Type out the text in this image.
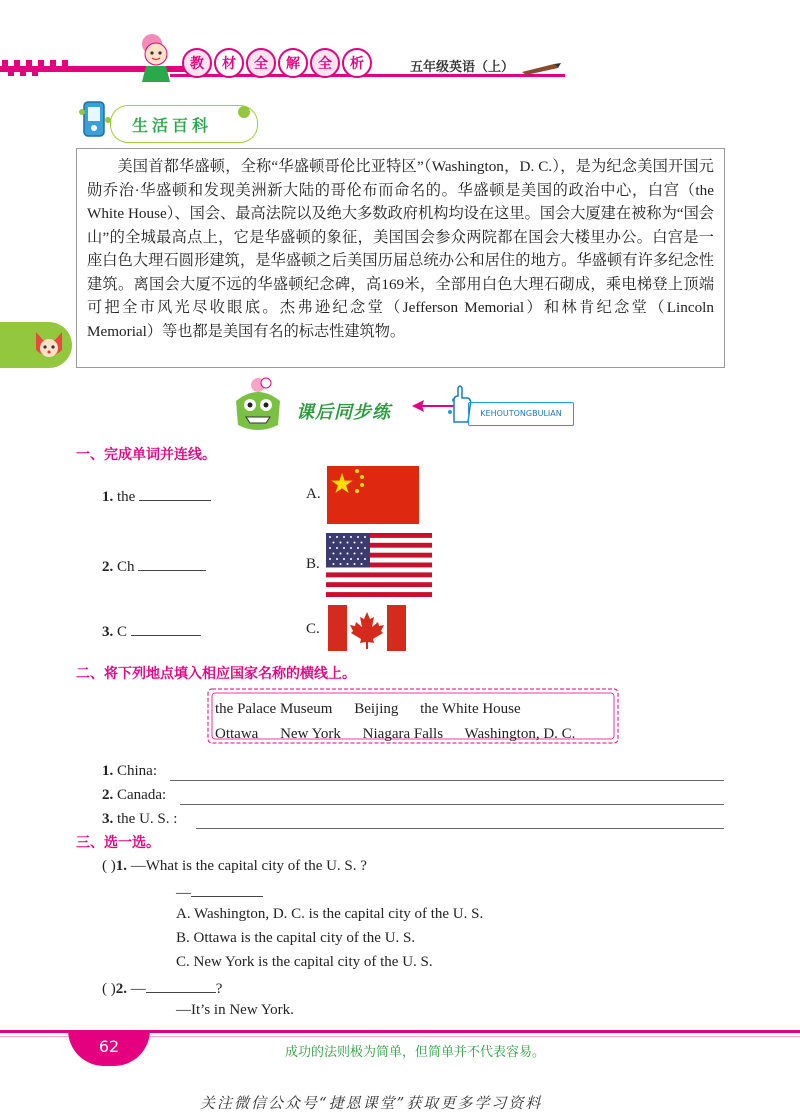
教	材	全	解	全	析	五年级英语（上）
生活百科
美国首都华盛顿，全称“华盛顿哥伦比亚特区”（Washington，D. C.），是为纪念美国开国元勋乔治·华盛顿和发现美洲新大陆的哥伦布而命名的。华盛顿是美国的政治中心，白宫（the White House）、国会、最高法院以及绝大多数政府机构均设在这里。国会大厦建在被称为“国会山”的全城最高点上，它是华盛顿的象征，美国国会参众两院都在国会大楼里办公。白宫是一座白色大理石圆形建筑，是华盛顿之后美国历届总统办公和居住的地方。华盛顿有许多纪念性建筑。离国会大厦不远的华盛顿纪念碑，高169米，全部用白色大理石砌成，乘电梯登上顶端可把全市风光尽收眼底。杰弗逊纪念堂（Jefferson Memorial）和林肯纪念堂（Lincoln Memorial）等也都是美国有名的标志性建筑物。
课后同步练	KEHOUTONGBULIAN
一、完成单词并连线。
1. the	A.
2. Ch	B.
3. C	C.
二、将下列地点填入相应国家名称的横线上。
the Palace Museum Beijing the White House
Ottawa New York Niagara Falls Washington, D. C.
1. China:
2. Canada:
3. the U. S. :
三、选一选。
( )1. —What is the capital city of the U. S. ?
—
A. Washington, D. C. is the capital city of the U. S.
B. Ottawa is the capital city of the U. S.
C. New York is the capital city of the U. S.
( )2. —	?
—It’s in New York.
62	成功的法则极为简单，但简单并不代表容易。
关注微信公众号“捷恩课堂”获取更多学习资料
